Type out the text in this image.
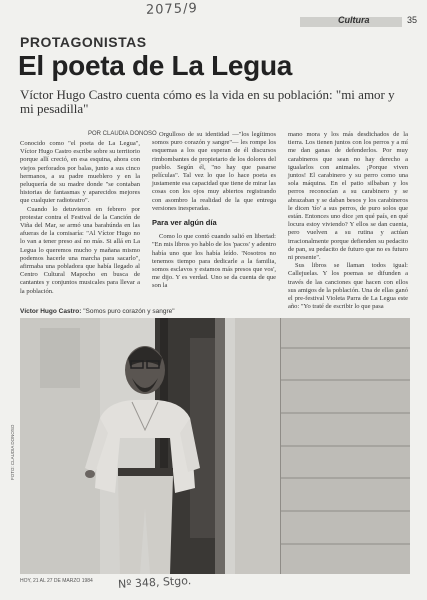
2075/9
Cultura	35
PROTAGONISTAS
El poeta de La Legua
Víctor Hugo Castro cuenta cómo es la vida en su población: "mi amor y mi pesadilla"
POR CLAUDIA DONOSO

Conocido como "el poeta de La Legua", Víctor Hugo Castro escribe sobre su territorio porque allí creció, en esa esquina, ahora con viejos perforados por balas, junto a sus cinco hermanos, a su padre mueblero y en la peluquería de su madre donde "se contaban historias de fantasmas y aparecidos mejores que cualquier radioteatro".

Cuando lo detuvieron en febrero por protestar contra el Festival de la Canción de Viña del Mar, se armó una barahúnda en las afueras de la comisaría: "Al Víctor Hugo no lo van a tener preso así no más. Si allá en La Legua lo queremos mucho y mañana mismo podemos hacerle una marcha para sacarlo", afirmaba una pobladora que había llegado al Centro Cultural Mapocho en busca de cantantes y conjuntos musicales para llevar a la población.

Orgulloso de su identidad —"los legítimos somos puro corazón y sangre"— les rompe los esquemas a los que esperan de él discursos rimbombantes de propietario de los dolores del pueblo. Según él, "no hay que pasarse películas". Tal vez lo que lo hace poeta es justamente esa capacidad que tiene de mirar las cosas con los ojos muy abiertos registrando con asombro la realidad de la que entrega versiones inesperadas.

Para ver algún día

Como lo que contó cuando salió en libertad: "En mis libros yo hablo de los 'pacos' y adentro había uno que los había leído. 'Nosotros no tenemos tiempo para dedicarle a la familia, somos esclavos y estamos más presos que vos', me dijo. Y es verdad. Uno se da cuenta de que son la

mano mora y los más desdichados de la tierra. Los tienen juntos con los perros y a mí me dan ganas de defenderlos. Por muy carabineros que sean no hay derecho a igualarlos con animales. ¡Porque viven juntos! El carabinero y su perro como una sola máquina. En el patio silbaban y los perros reconocían a su carabinero y se abrazaban y se daban besos y los carabineros le dicen 'tío' a sus perros, de puro solos que están. Entonces uno dice ¡en qué país, en qué locura estoy viviendo? Y ellos se dan cuenta, pero vuelven a su rutina y actúan irracionalmente porque defienden su pedacito de pan, su pedacito de futuro que no es futuro ni presente".

Sus libros se llaman todos igual: Callejuelas. Y los poemas se difunden a través de las canciones que hacen con ellos sus amigos de la población. Una de ellas ganó el pre-festival Violeta Parra de La Legua este año: "Yo traté de escribir lo que pasa

Víctor Hugo Castro: "Somos puro corazón y sangre"
FOTO: CLAUDIA DONOSO
HOY, 21 AL 27 DE MARZO 1984 Nº 348, Stgo.
